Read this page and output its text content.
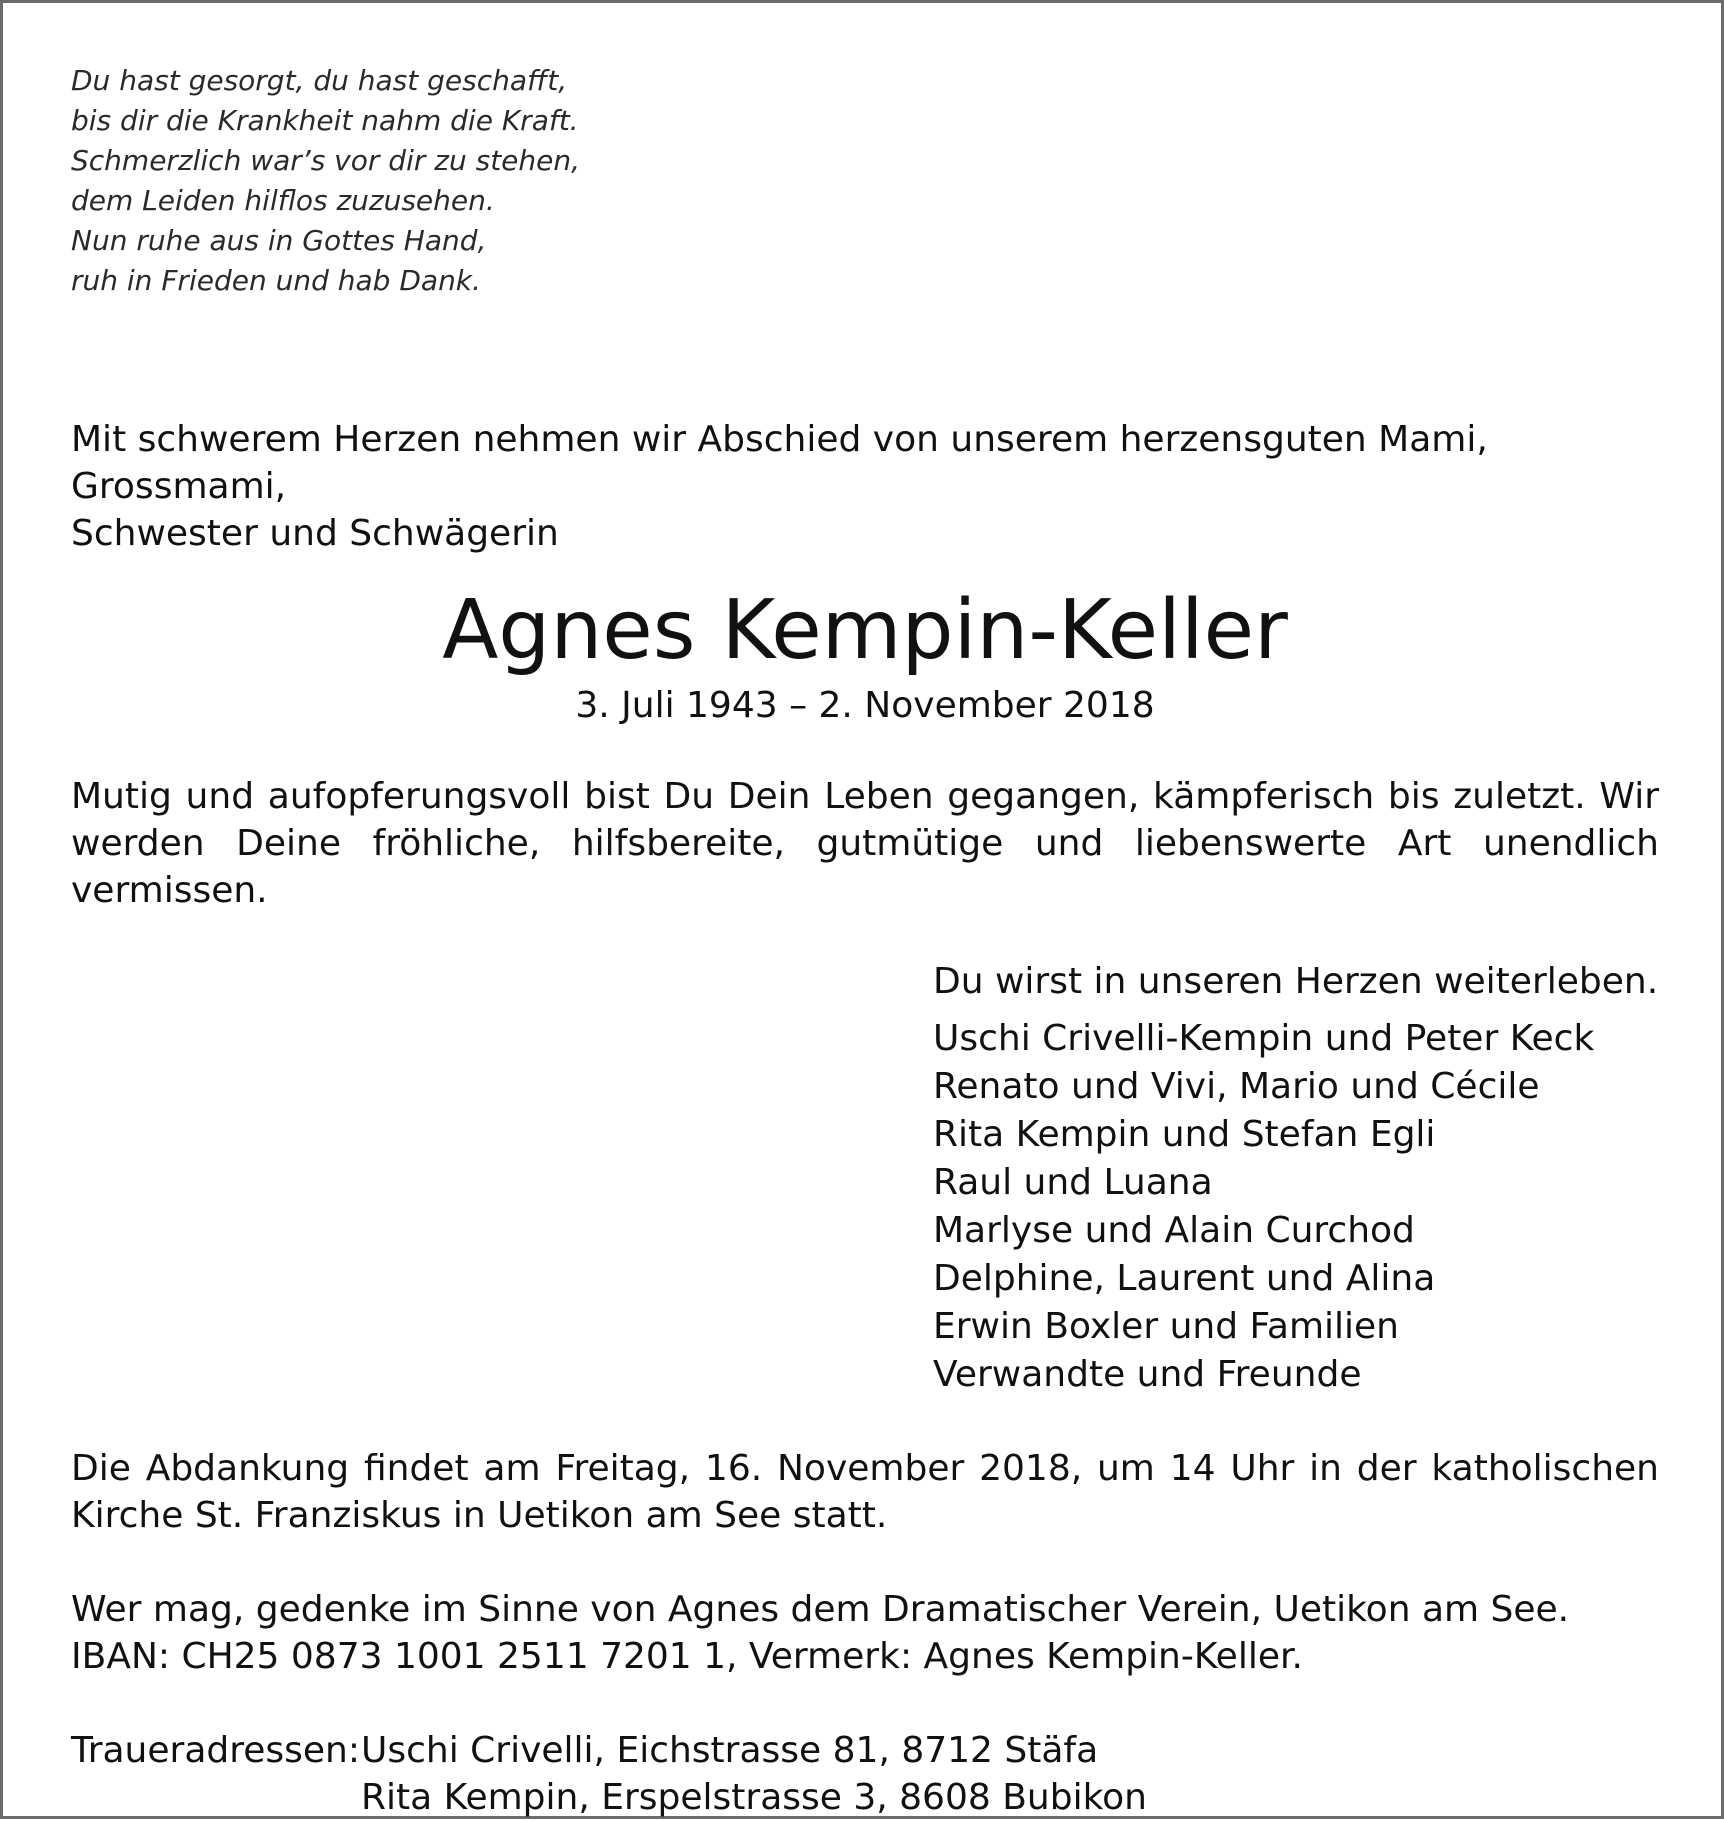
Du hast gesorgt, du hast geschafft,
bis dir die Krankheit nahm die Kraft.
Schmerzlich war’s vor dir zu stehen,
dem Leiden hilflos zuzusehen.
Nun ruhe aus in Gottes Hand,
ruh in Frieden und hab Dank.
Mit schwerem Herzen nehmen wir Abschied von unserem herzensguten Mami, Grossmami,
Schwester und Schwägerin
Agnes Kempin-Keller
3. Juli 1943 – 2. November 2018
Mutig und aufopferungsvoll bist Du Dein Leben gegangen, kämpferisch bis zuletzt. Wir
werden Deine fröhliche, hilfsbereite, gutmütige und liebenswerte Art unendlich vermissen.
Du wirst in unseren Herzen weiterleben.
Uschi Crivelli-Kempin und Peter Keck
Renato und Vivi, Mario und Cécile
Rita Kempin und Stefan Egli
Raul und Luana
Marlyse und Alain Curchod
Delphine, Laurent und Alina
Erwin Boxler und Familien
Verwandte und Freunde
Die Abdankung findet am Freitag, 16. November 2018, um 14 Uhr in der katholischen
Kirche St. Franziskus in Uetikon am See statt.
Wer mag, gedenke im Sinne von Agnes dem Dramatischer Verein, Uetikon am See.
IBAN: CH25 0873 1001 2511 7201 1, Vermerk: Agnes Kempin-Keller.
Traueradressen: Uschi Crivelli, Eichstrasse 81, 8712 Stäfa
Rita Kempin, Erspelstrasse 3, 8608 Bubikon
